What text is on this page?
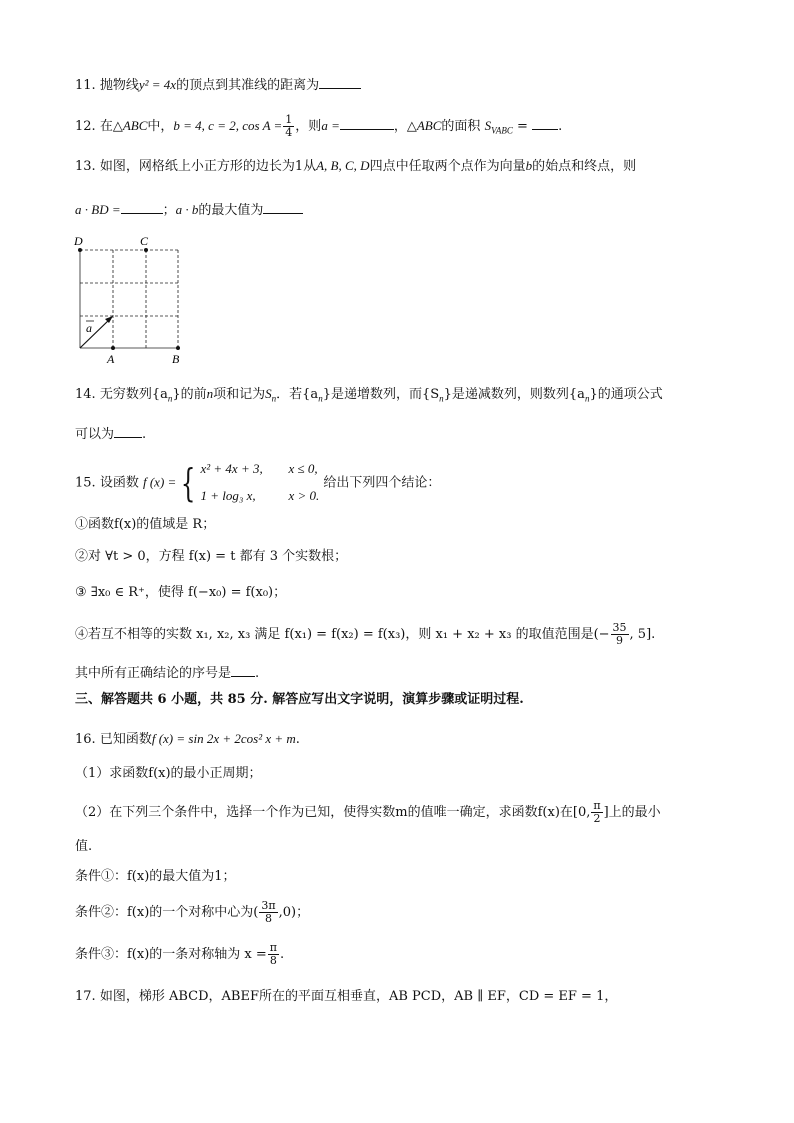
11. 抛物线y² = 4x的顶点到其准线的距离为
12. 在△ABC中，b = 4, c = 2, $\cos A = \frac{1}{4}$ ，则a =	，△ABC的面积 $S_{VABC}$ = .
13. 如图，网格纸上小正方形的边长为1从A, B, C, D四点中任取两个点作为向量b的始点和终点，则
a · BD =	；a · b的最大值为
D	C
A	B
a
14. 无穷数列$\{a_n\}$的前n项和记为$S_n$．若$\{a_n\}$是递增数列，而$\{S_n\}$是递减数列，则数列$\{a_n\}$的通项公式
可以为 .
15. 设函数 f (x) = { x² + 4x + 3, x ≤ 0,
1 + log₃ x,	x > 0.
给出下列四个结论：
①函数f(x)的值域是 R；
②对 ∀t > 0，方程 f(x) = t 都有 3 个实数根；
③ ∃x₀ ∈ R⁺，使得 f(−x₀) = f(x₀)；
④若互不相等的实数 x₁, x₂, x₃ 满足 f(x₁) = f(x₂) = f(x₃)，则 x₁ + x₂ + x₃ 的取值范围是(− $\frac{35}{9}$ , 5].
其中所有正确结论的序号是 .
三、解答题共 6 小题，共 85 分. 解答应写出文字说明，演算步骤或证明过程.
16. 已知函数f (x) = sin 2x + 2cos² x + m.
（1）求函数f(x)的最小正周期；
（2）在下列三个条件中，选择一个作为已知，使得实数m的值唯一确定，求函数f(x)在[0, $\frac{\pi}{2}$ ]上的最小
值.
条件①：f(x)的最大值为1；
条件②：f(x)的一个对称中心为( $\frac{3\pi}{8} ,0$)；
条件③：f(x)的一条对称轴为 $x = \frac{\pi}{8}$ .
17. 如图，梯形 ABCD，ABEF所在的平面互相垂直，AB PCD，AB ∥ EF，CD = EF = 1，
